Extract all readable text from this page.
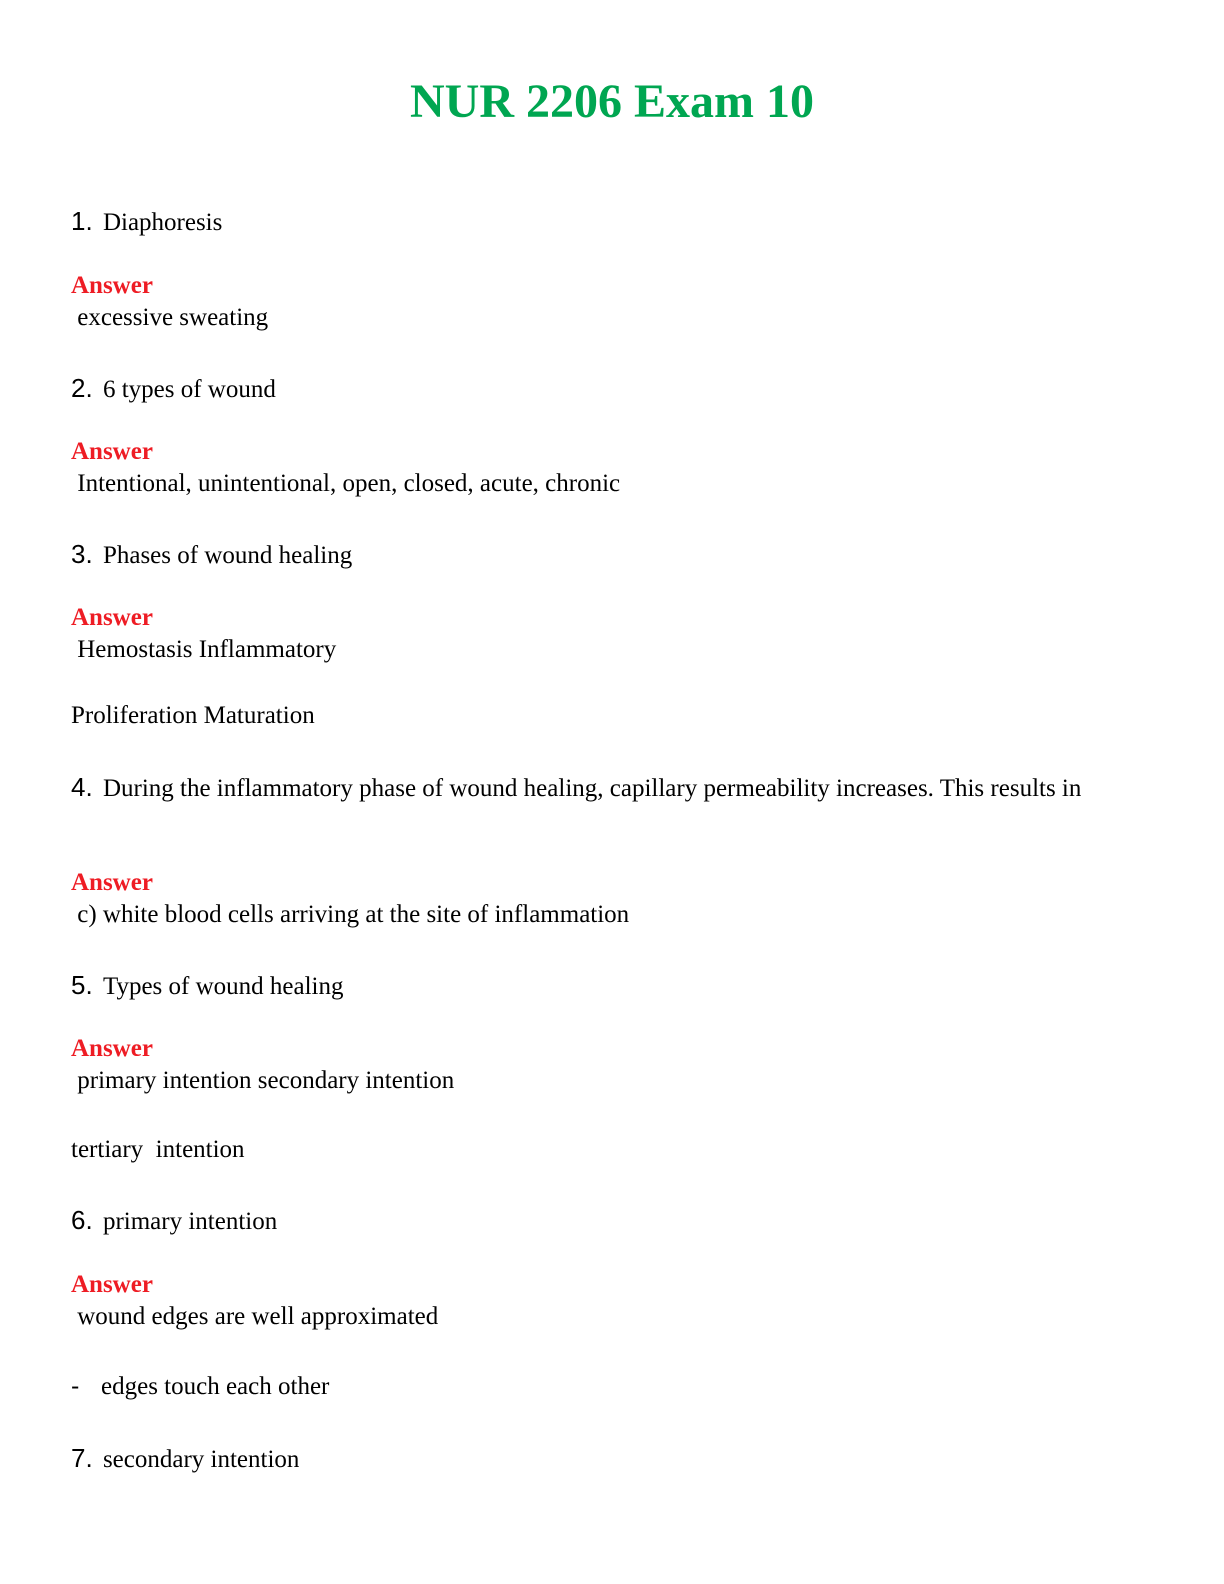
NUR 2206 Exam 10

1. Diaphoresis

Answer

excessive sweating

2. 6 types of wound

Answer

Intentional, unintentional, open, closed, acute, chronic

3. Phases of wound healing

Answer

Hemostasis Inflammatory

Proliferation Maturation

4. During the inflammatory phase of wound healing, capillary permeability increases. This results in

Answer

c) white blood cells arriving at the site of inflammation

5. Types of wound healing

Answer

primary intention secondary intention

tertiary  intention

6. primary intention

Answer

wound edges are well approximated

- edges touch each other

7. secondary intention
